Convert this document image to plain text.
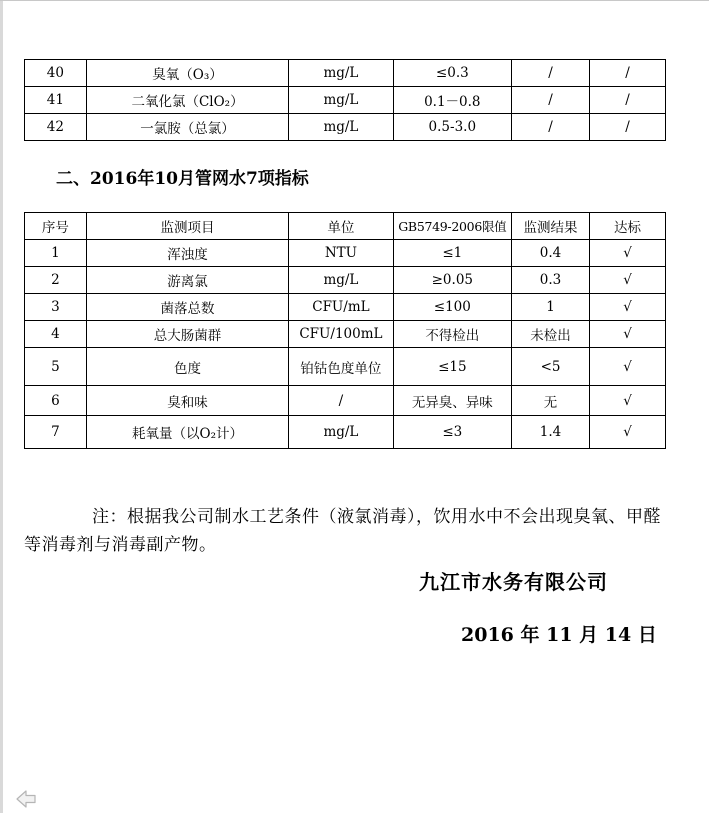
40	臭氧（O₃）	mg/L	≤0.3	/	/
41	二氧化氯（ClO₂）	mg/L	0.1－0.8	/	/
42	一氯胺（总氯）	mg/L	0.5-3.0	/	/
二、2016年10月管网水7项指标
序号	监测项目	单位	GB5749-2006限值	监测结果	达标
1	浑浊度	NTU	≤1	0.4	√
2	游离氯	mg/L	≥0.05	0.3	√
3	菌落总数	CFU/mL	≤100	1	√
4	总大肠菌群	CFU/100mL	不得检出	未检出	√
5	色度	铂钴色度单位	≤15	<5	√
6	臭和味	/	无异臭、异味	无	√
7	耗氧量（以O₂计）	mg/L	≤3	1.4	√
注：根据我公司制水工艺条件（液氯消毒），饮用水中不会出现臭氧、甲醛等消毒剂与消毒副产物。
九江市水务有限公司
2016 年 11 月 14 日
